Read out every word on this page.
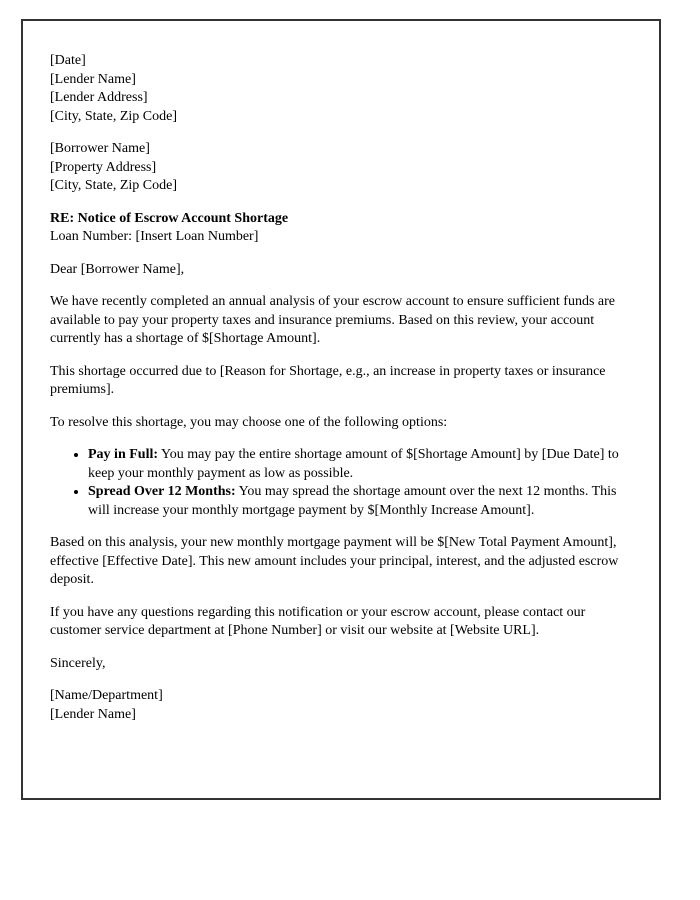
[Date]
[Lender Name]
[Lender Address]
[City, State, Zip Code]
[Borrower Name]
[Property Address]
[City, State, Zip Code]
RE: Notice of Escrow Account Shortage
Loan Number: [Insert Loan Number]

Dear [Borrower Name],

We have recently completed an annual analysis of your escrow account to ensure sufficient funds are available to pay your property taxes and insurance premiums. Based on this review, your account currently has a shortage of $[Shortage Amount].

This shortage occurred due to [Reason for Shortage, e.g., an increase in property taxes or insurance premiums].

To resolve this shortage, you may choose one of the following options:

• Pay in Full: You may pay the entire shortage amount of $[Shortage Amount] by [Due Date] to keep your monthly payment as low as possible.
• Spread Over 12 Months: You may spread the shortage amount over the next 12 months. This will increase your monthly mortgage payment by $[Monthly Increase Amount].

Based on this analysis, your new monthly mortgage payment will be $[New Total Payment Amount], effective [Effective Date]. This new amount includes your principal, interest, and the adjusted escrow deposit.

If you have any questions regarding this notification or your escrow account, please contact our customer service department at [Phone Number] or visit our website at [Website URL].

Sincerely,

[Name/Department]
[Lender Name]
